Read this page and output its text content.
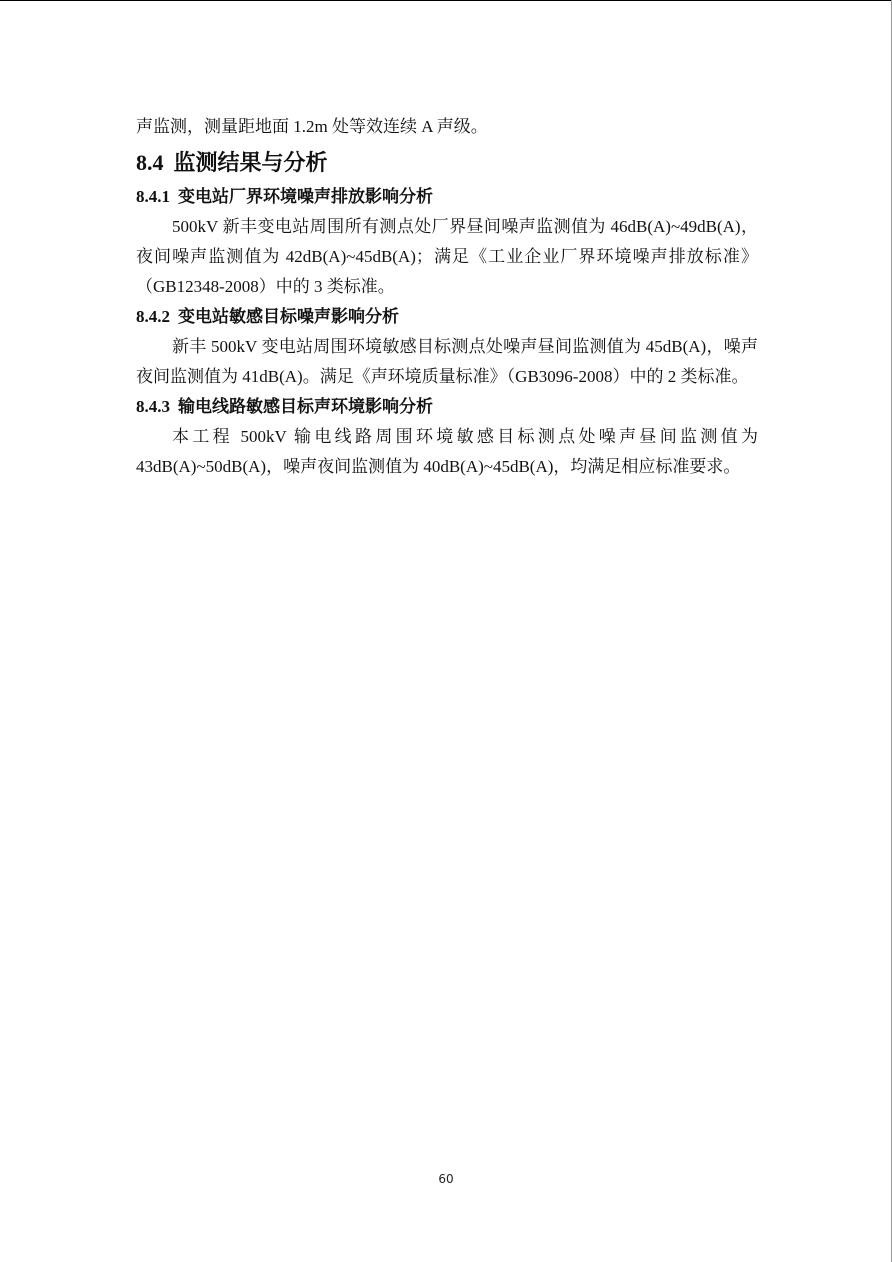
声监测，测量距地面 1.2m 处等效连续 A 声级。

8.4 监测结果与分析
8.4.1 变电站厂界环境噪声排放影响分析

500kV 新丰变电站周围所有测点处厂界昼间噪声监测值为 46dB(A)~49dB(A)，夜间噪声监测值为 42dB(A)~45dB(A)；满足《工业企业厂界环境噪声排放标准》（GB12348-2008）中的 3 类标准。

8.4.2 变电站敏感目标噪声影响分析

新丰 500kV 变电站周围环境敏感目标测点处噪声昼间监测值为 45dB(A)，噪声夜间监测值为 41dB(A)。满足《声环境质量标准》（GB3096-2008）中的 2 类标准。

8.4.3 输电线路敏感目标声环境影响分析

本工程 500kV 输电线路周围环境敏感目标测点处噪声昼间监测值为 43dB(A)~50dB(A)，噪声夜间监测值为 40dB(A)~45dB(A)，均满足相应标准要求。

60
